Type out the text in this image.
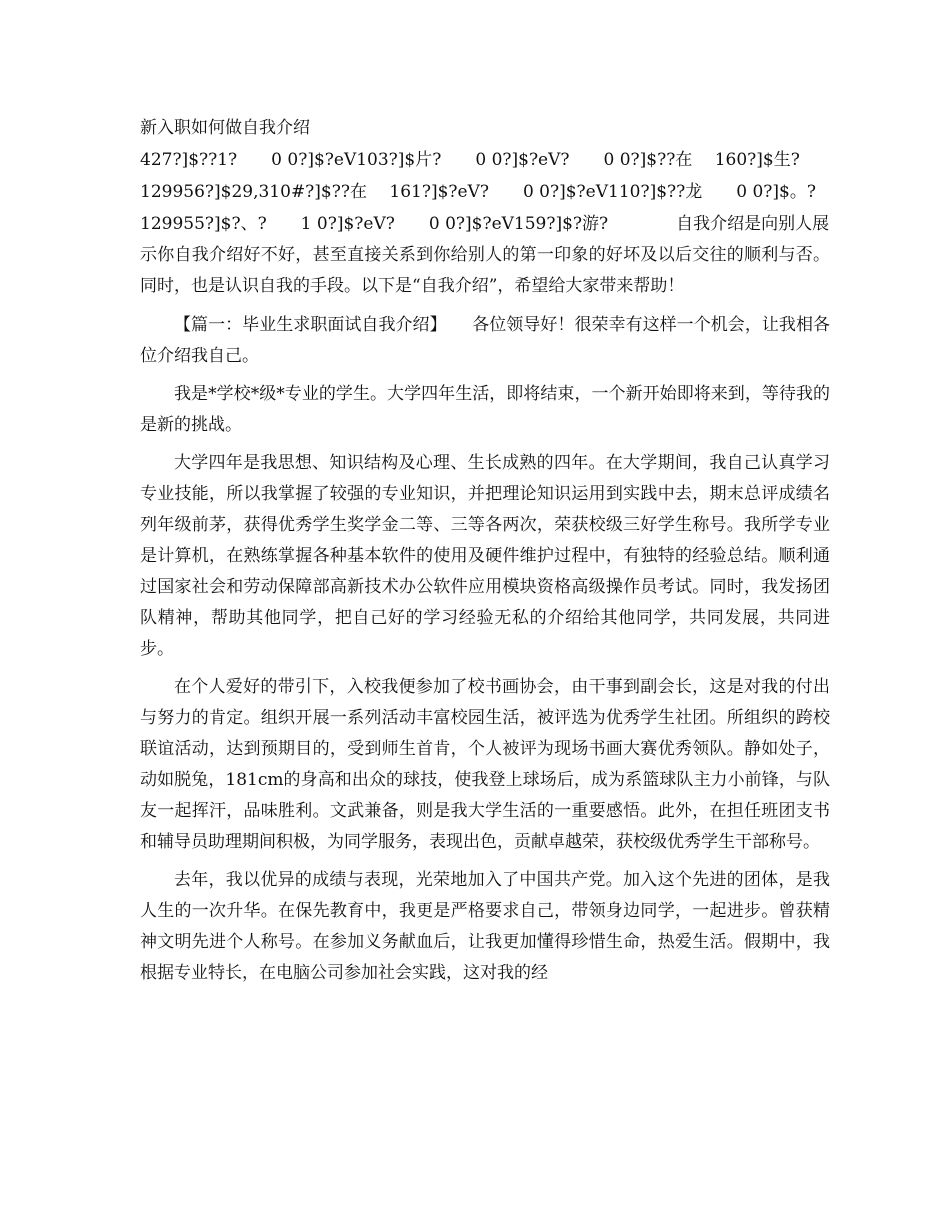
新入职如何做自我介绍

427?]$??1?　　0 0?]$?eV103?]$片?　　0 0?]$?eV?　　0 0?]$??在　 160?]$生?

129956?]$29,310#?]$??在　 161?]$?eV?　　0 0?]$?eV110?]$??龙　　0 0?]$。?

129955?]$?、?　　1 0?]$?eV?　　0 0?]$?eV159?]$?游?　　　　自我介绍是向别人展

示你自我介绍好不好，甚至直接关系到你给别人的第一印象的好坏及以后交往的顺利与否。同时，也是认识自我的手段。以下是“自我介绍”，希望给大家带来帮助！

【篇一：毕业生求职面试自我介绍】　　各位领导好！很荣幸有这样一个机会，让我相各位介绍我自己。

我是*学校*级*专业的学生。大学四年生活，即将结束，一个新开始即将来到，等待我的是新的挑战。

大学四年是我思想、知识结构及心理、生长成熟的四年。在大学期间，我自己认真学习专业技能，所以我掌握了较强的专业知识，并把理论知识运用到实践中去，期末总评成绩名列年级前茅，获得优秀学生奖学金二等、三等各两次，荣获校级三好学生称号。我所学专业是计算机，在熟练掌握各种基本软件的使用及硬件维护过程中，有独特的经验总结。顺利通过国家社会和劳动保障部高新技术办公软件应用模块资格高级操作员考试。同时，我发扬团队精神，帮助其他同学，把自己好的学习经验无私的介绍给其他同学，共同发展，共同进步。

在个人爱好的带引下，入校我便参加了校书画协会，由干事到副会长，这是对我的付出与努力的肯定。组织开展一系列活动丰富校园生活，被评选为优秀学生社团。所组织的跨校联谊活动，达到预期目的，受到师生首肯，个人被评为现场书画大赛优秀领队。静如处子，动如脱兔，181cm的身高和出众的球技，使我登上球场后，成为系篮球队主力小前锋，与队友一起挥汗，品味胜利。文武兼备，则是我大学生活的一重要感悟。此外，在担任班团支书和辅导员助理期间积极，为同学服务，表现出色，贡献卓越荣，获校级优秀学生干部称号。

去年，我以优异的成绩与表现，光荣地加入了中国共产党。加入这个先进的团体，是我人生的一次升华。在保先教育中，我更是严格要求自己，带领身边同学，一起进步。曾获精神文明先进个人称号。在参加义务献血后，让我更加懂得珍惜生命，热爱生活。假期中，我根据专业特长，在电脑公司参加社会实践，这对我的经
